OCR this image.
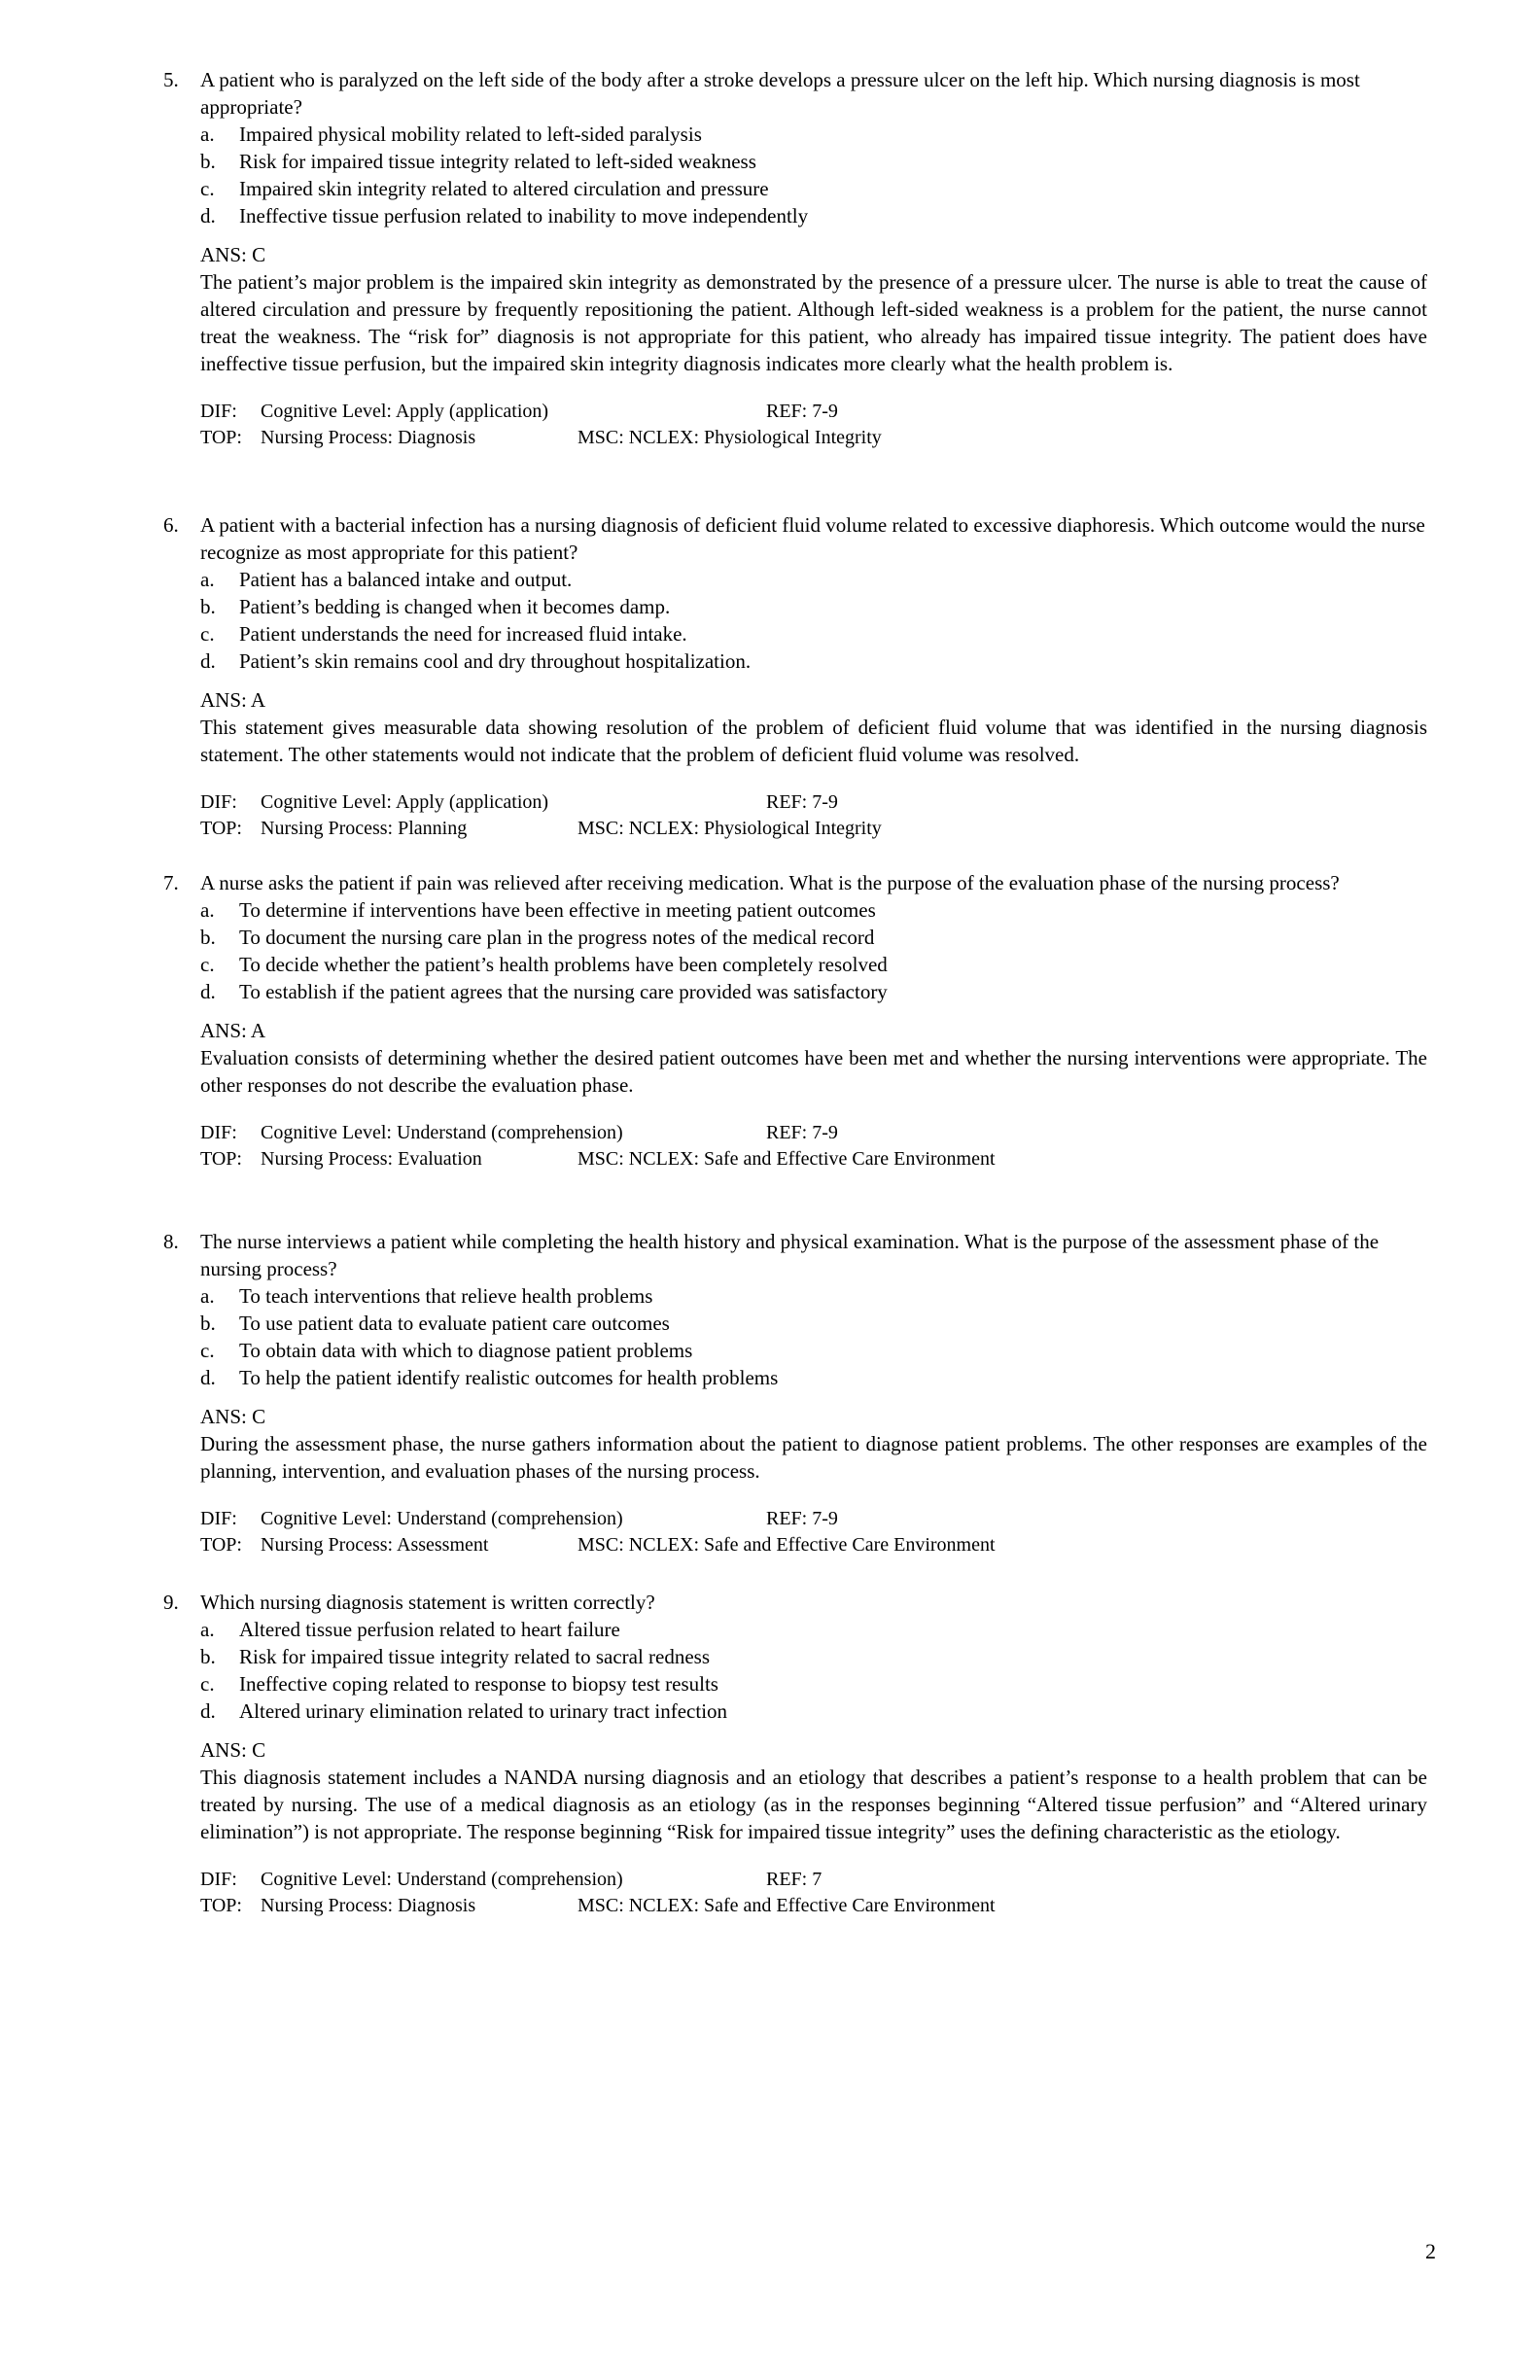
5. A patient who is paralyzed on the left side of the body after a stroke develops a pressure ulcer on the left hip. Which nursing diagnosis is most appropriate?
a. Impaired physical mobility related to left-sided paralysis
b. Risk for impaired tissue integrity related to left-sided weakness
c. Impaired skin integrity related to altered circulation and pressure
d. Ineffective tissue perfusion related to inability to move independently
ANS: C
The patient’s major problem is the impaired skin integrity as demonstrated by the presence of a pressure ulcer. The nurse is able to treat the cause of altered circulation and pressure by frequently repositioning the patient. Although left-sided weakness is a problem for the patient, the nurse cannot treat the weakness. The “risk for” diagnosis is not appropriate for this patient, who already has impaired tissue integrity. The patient does have ineffective tissue perfusion, but the impaired skin integrity diagnosis indicates more clearly what the health problem is.
DIF: Cognitive Level: Apply (application)	REF: 7-9
TOP: Nursing Process: Diagnosis	MSC: NCLEX: Physiological Integrity
6. A patient with a bacterial infection has a nursing diagnosis of deficient fluid volume related to excessive diaphoresis. Which outcome would the nurse recognize as most appropriate for this patient?
a. Patient has a balanced intake and output.
b. Patient’s bedding is changed when it becomes damp.
c. Patient understands the need for increased fluid intake.
d. Patient’s skin remains cool and dry throughout hospitalization.
ANS: A
This statement gives measurable data showing resolution of the problem of deficient fluid volume that was identified in the nursing diagnosis statement. The other statements would not indicate that the problem of deficient fluid volume was resolved.
DIF: Cognitive Level: Apply (application)	REF: 7-9
TOP: Nursing Process: Planning	MSC: NCLEX: Physiological Integrity
7. A nurse asks the patient if pain was relieved after receiving medication. What is the purpose of the evaluation phase of the nursing process?
a. To determine if interventions have been effective in meeting patient outcomes
b. To document the nursing care plan in the progress notes of the medical record
c. To decide whether the patient’s health problems have been completely resolved
d. To establish if the patient agrees that the nursing care provided was satisfactory
ANS: A
Evaluation consists of determining whether the desired patient outcomes have been met and whether the nursing interventions were appropriate. The other responses do not describe the evaluation phase.
DIF: Cognitive Level: Understand (comprehension)	REF: 7-9
TOP: Nursing Process: Evaluation	MSC: NCLEX: Safe and Effective Care Environment
8. The nurse interviews a patient while completing the health history and physical examination. What is the purpose of the assessment phase of the nursing process?
a. To teach interventions that relieve health problems
b. To use patient data to evaluate patient care outcomes
c. To obtain data with which to diagnose patient problems
d. To help the patient identify realistic outcomes for health problems
ANS: C
During the assessment phase, the nurse gathers information about the patient to diagnose patient problems. The other responses are examples of the planning, intervention, and evaluation phases of the nursing process.
DIF: Cognitive Level: Understand (comprehension)	REF: 7-9
TOP: Nursing Process: Assessment	MSC: NCLEX: Safe and Effective Care Environment
9. Which nursing diagnosis statement is written correctly?
a. Altered tissue perfusion related to heart failure
b. Risk for impaired tissue integrity related to sacral redness
c. Ineffective coping related to response to biopsy test results
d. Altered urinary elimination related to urinary tract infection
ANS: C
This diagnosis statement includes a NANDA nursing diagnosis and an etiology that describes a patient’s response to a health problem that can be treated by nursing. The use of a medical diagnosis as an etiology (as in the responses beginning “Altered tissue perfusion” and “Altered urinary elimination”) is not appropriate. The response beginning “Risk for impaired tissue integrity” uses the defining characteristic as the etiology.
DIF: Cognitive Level: Understand (comprehension)	REF: 7
TOP: Nursing Process: Diagnosis	MSC: NCLEX: Safe and Effective Care Environment
2
